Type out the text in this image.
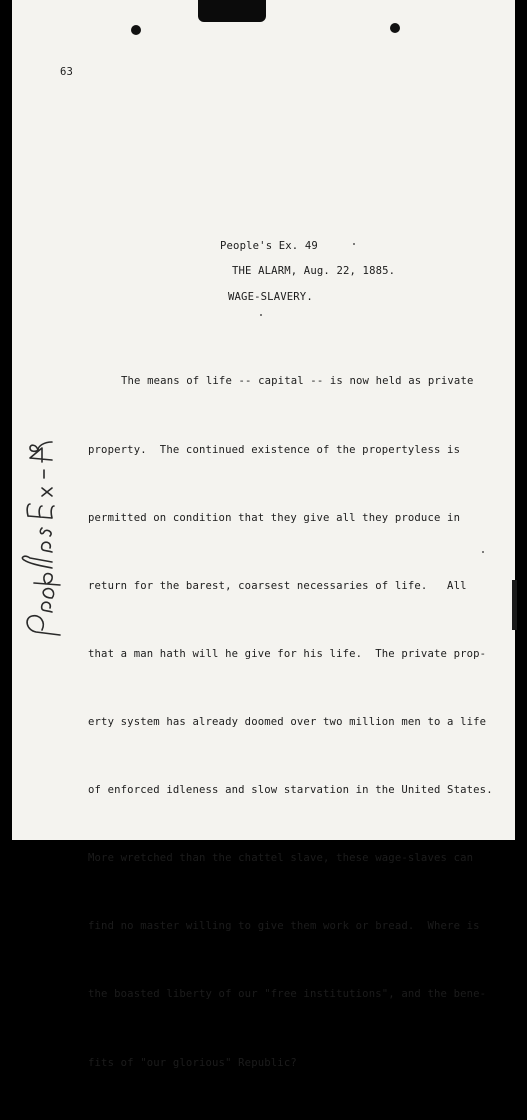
63
People's Ex. 49
THE ALARM, Aug. 22, 1885.
WAGE-SLAVERY.

The means of life -- capital -- is now held as private

property.  The continued existence of the propertyless is

permitted on condition that they give all they produce in

return for the barest, coarsest necessaries of life.   All

that a man hath will he give for his life.  The private prop-

erty system has already doomed over two million men to a life

of enforced idleness and slow starvation in the United States.

More wretched than the chattel slave, these wage-slaves can

find no master willing to give them work or bread.  Where is

the boasted liberty of our "free institutions", and the bene-

fits of "our glorious" Republic?
